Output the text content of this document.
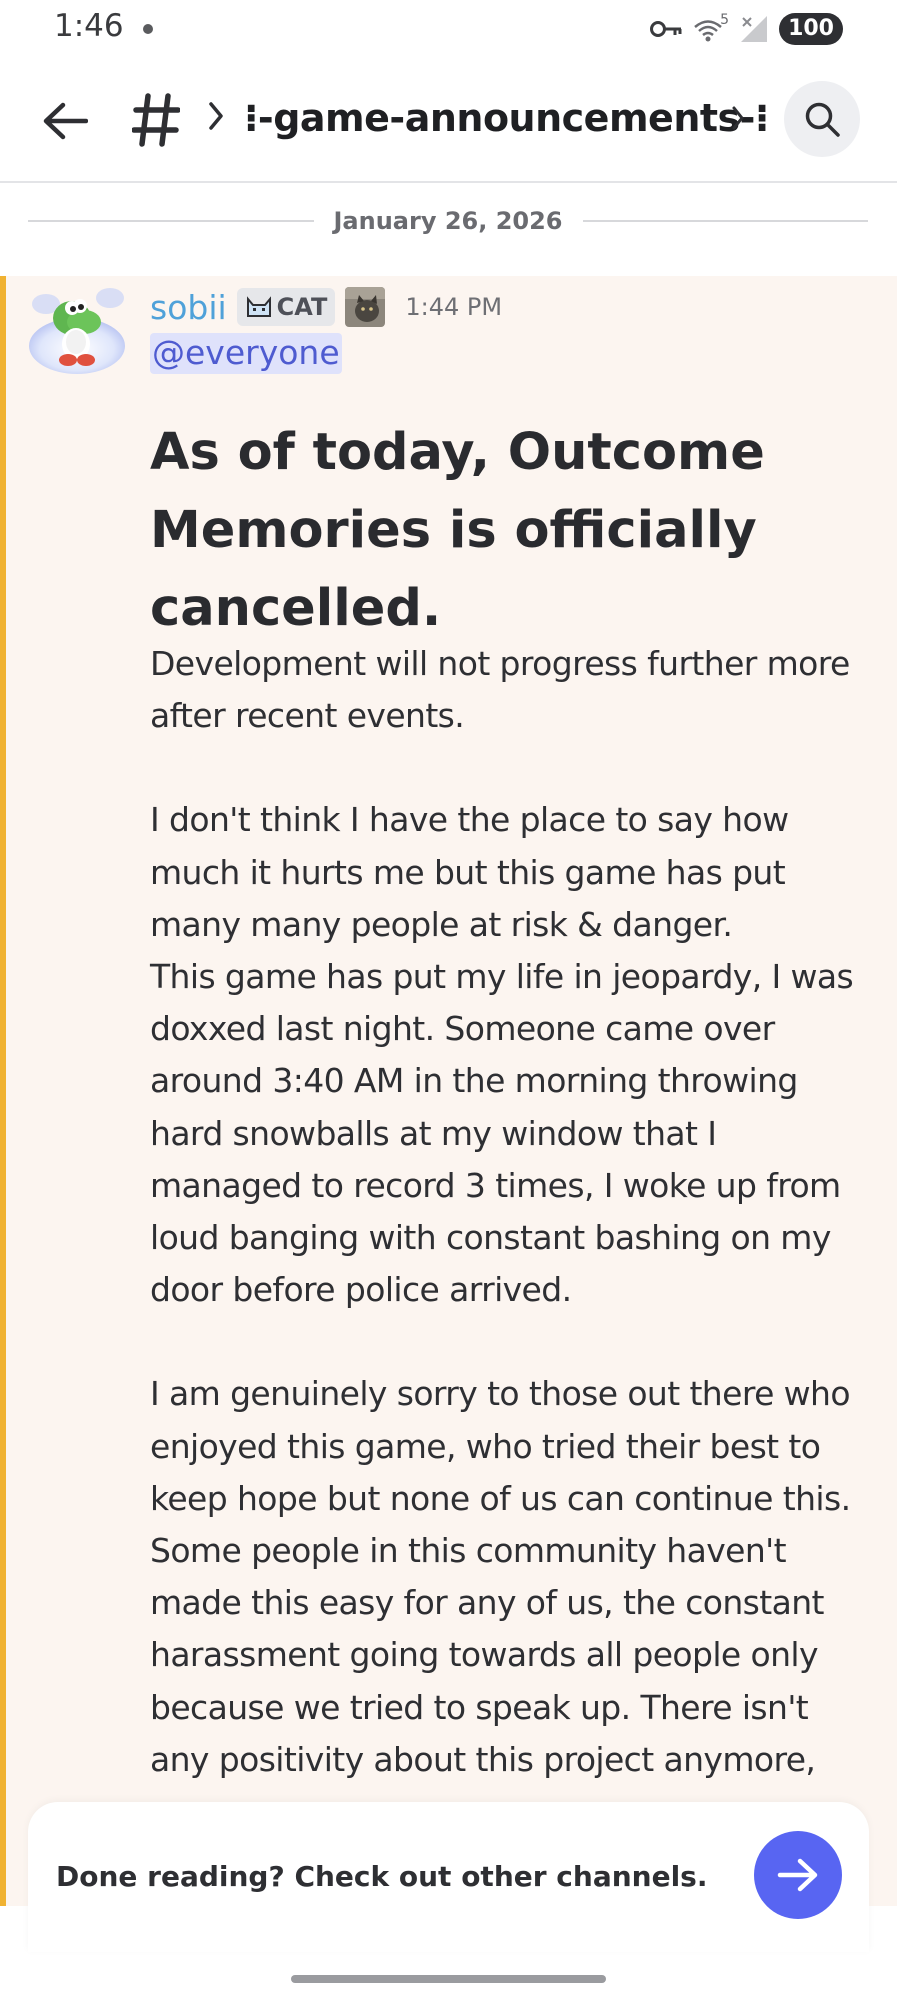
1:46	5	100
⁝-game-announcements-⁝
January 26, 2026
sobii CAT	1:44 PM
@everyone
As of today, Outcome Memories is officially cancelled.

Development will not progress further more after recent events.

I don't think I have the place to say how much it hurts me but this game has put many many people at risk & danger.

This game has put my life in jeopardy, I was doxxed last night. Someone came over around 3:40 AM in the morning throwing hard snowballs at my window that I managed to record 3 times, I woke up from loud banging with constant bashing on my door before police arrived.

I am genuinely sorry to those out there who enjoyed this game, who tried their best to keep hope but none of us can continue this.

Some people in this community haven't made this easy for any of us, the constant harassment going towards all people only because we tried to speak up. There isn't any positivity about this project anymore,

Done reading? Check out other channels.
